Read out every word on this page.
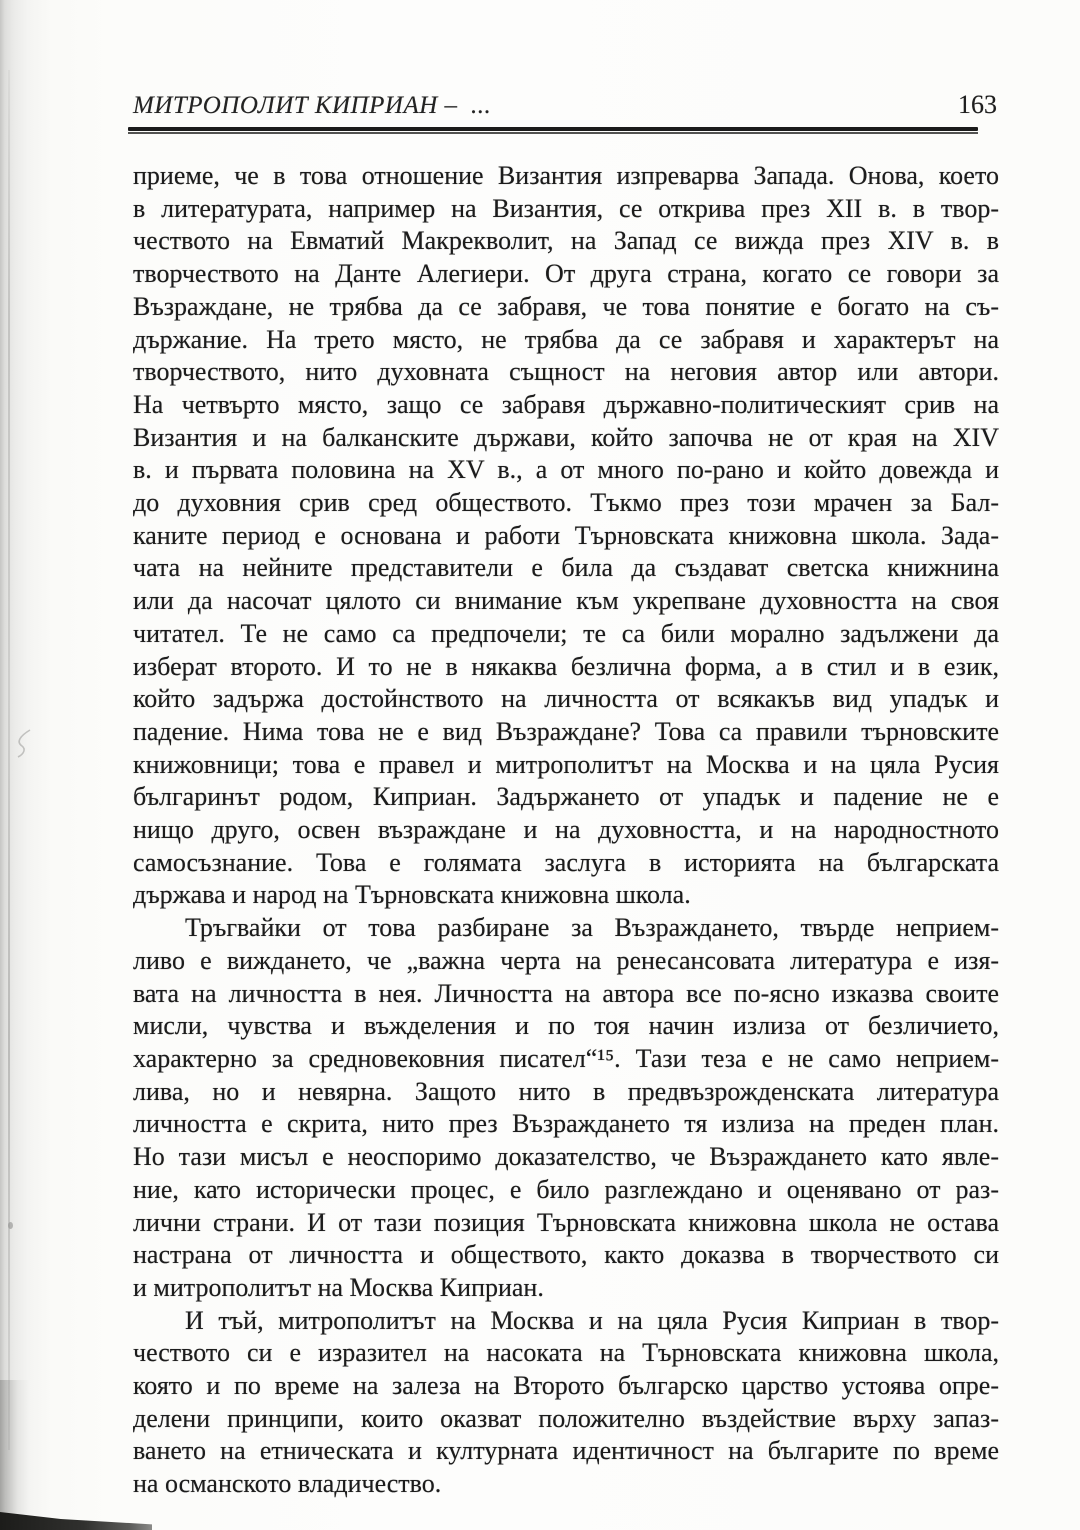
МИТРОПОЛИТ КИПРИАН –  ...	163
приеме, че в това отношение Византия изпреварва Запада. Онова, което
в литературата, например на Византия, се открива през XII в. в твор-
чеството на Евматий Макрекволит, на Запад се вижда през XIV в. в
творчеството на Данте Алегиери. От друга страна, когато се говори за
Възраждане, не трябва да се забравя, че това понятие е богато на съ-
държание. На трето място, не трябва да се забравя и характерът на
творчеството, нито духовната същност на неговия автор или автори.
На четвърто място, защо се забравя държавно-политическият срив на
Византия и на балканските държави, който започва не от края на XIV
в. и първата половина на XV в., а от много по-рано и който довежда и
до духовния срив сред обществото. Тъкмо през този мрачен за Бал-
каните период е основана и работи Търновската книжовна школа. Зада-
чата на нейните представители е била да създават светска книжнина
или да насочат цялото си внимание към укрепване духовността на своя
читател. Те не само са предпочели; те са били морално задължени да
изберат второто. И то не в някаква безлична форма, а в стил и в език,
който задържа достойнството на личността от всякакъв вид упадък и
падение. Нима това не е вид Възраждане? Това са правили търновските
книжовници; това е правел и митрополитът на Москва и на цяла Русия
българинът родом, Киприан. Задържането от упадък и падение не е
нищо друго, освен възраждане и на духовността, и на народностното
самосъзнание. Това е голямата заслуга в историята на българската
държава и народ на Търновската книжовна школа.
Тръгвайки от това разбиране за Възраждането, твърде неприем-
ливо е виждането, че „важна черта на ренесансовата литература е изя-
вата на личността в нея. Личността на автора все по-ясно изказва своите
мисли, чувства и въжделения и по тоя начин излиза от безличието,
характерно за средновековния писател“¹⁵. Тази теза е не само неприем-
лива, но и невярна. Защото нито в предвъзрожденската литература
личността е скрита, нито през Възраждането тя излиза на преден план.
Но тази мисъл е неоспоримо доказателство, че Възраждането като явле-
ние, като исторически процес, е било разглеждано и оценявано от раз-
лични страни. И от тази позиция Търновската книжовна школа не остава
настрана от личността и обществото, както доказва в творчеството си
и митрополитът на Москва Киприан.
И тъй, митрополитът на Москва и на цяла Русия Киприан в твор-
чеството си е изразител на насоката на Търновската книжовна школа,
която и по време на залеза на Второто българско царство устоява опре-
делени принципи, които оказват положително въздействие върху запаз-
ването на етническата и културната идентичност на българите по време
на османското владичество.
